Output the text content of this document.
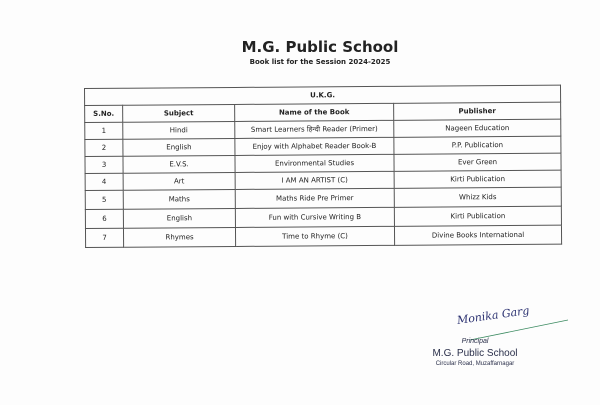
M.G. Public School
Book list for the Session 2024-2025
U.K.G.			
S.No.	Subject	Name of the Book	Publisher
1	Hindi	Smart Learners हिन्दी Reader (Primer)	Nageen Education
2	English	Enjoy with Alphabet Reader Book-B	P.P. Publication
3	E.V.S.	Environmental Studies	Ever Green
4	Art	I AM AN ARTIST (C)	Kirti Publication
5	Maths	Maths Ride Pre Primer	Whizz Kids
6	English	Fun with Cursive Writing B	Kirti Publication
7	Rhymes	Time to Rhyme (C)	Divine Books International
Monika Garg
Principal
M.G. Public School
Circular Road, Muzaffarnagar
